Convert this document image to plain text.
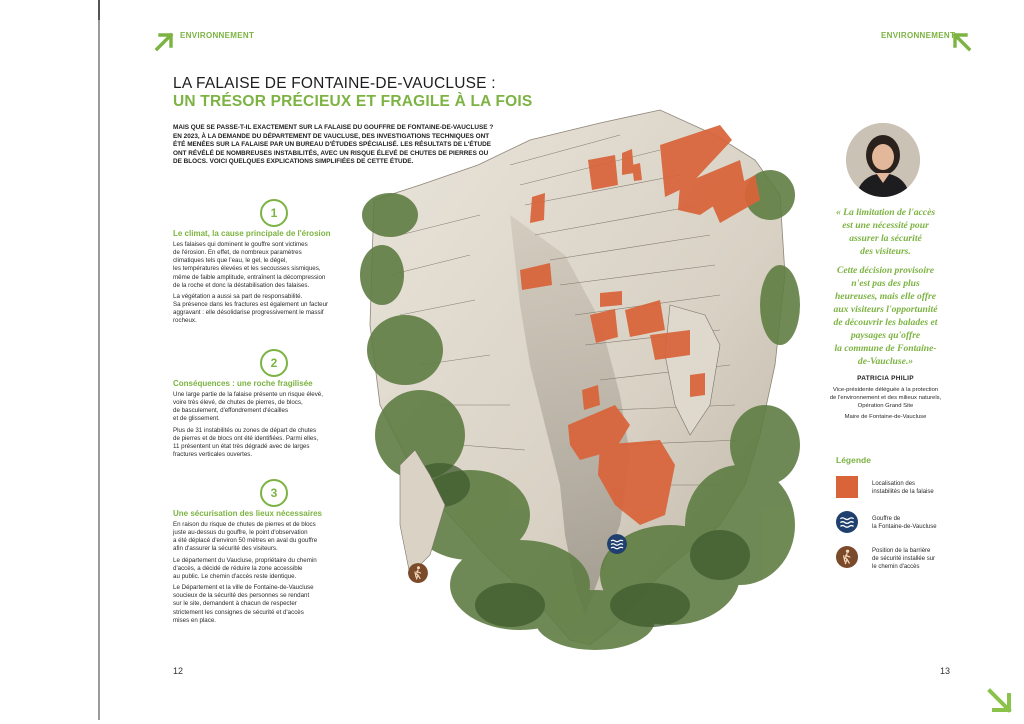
ENVIRONNEMENT	ENVIRONNEMENT
LA FALAISE DE FONTAINE-DE-VAUCLUSE :
UN TRÉSOR PRÉCIEUX ET FRAGILE À LA FOIS
MAIS QUE SE PASSE-T-IL EXACTEMENT SUR LA FALAISE DU GOUFFRE DE FONTAINE-DE-VAUCLUSE ?
EN 2023, À LA DEMANDE DU DÉPARTEMENT DE VAUCLUSE, DES INVESTIGATIONS TECHNIQUES ONT
ÉTÉ MENÉES SUR LA FALAISE PAR UN BUREAU D'ÉTUDES SPÉCIALISÉ. LES RÉSULTATS DE L'ÉTUDE
ONT RÉVÉLÉ DE NOMBREUSES INSTABILITÉS, AVEC UN RISQUE ÉLEVÉ DE CHUTES DE PIERRES OU
DE BLOCS. VOICI QUELQUES EXPLICATIONS SIMPLIFIÉES DE CETTE ÉTUDE.
1
Le climat, la cause principale de l'érosion
Les falaises qui dominent le gouffre sont victimes
de l'érosion. En effet, de nombreux paramètres
climatiques tels que l'eau, le gel, le dégel,
les températures élevées et les secousses sismiques,
même de faible amplitude, entraînent la décompression
de la roche et donc la déstabilisation des falaises.
La végétation a aussi sa part de responsabilité.
Sa présence dans les fractures est également un facteur
aggravant : elle désolidarise progressivement le massif
rocheux.
2
Conséquences : une roche fragilisée
Une large partie de la falaise présente un risque élevé,
voire très élevé, de chutes de pierres, de blocs,
de basculement, d'effondrement d'écailles
et de glissement.
Plus de 31 instabilités ou zones de départ de chutes
de pierres et de blocs ont été identifiées. Parmi elles,
11 présentent un état très dégradé avec de larges
fractures verticales ouvertes.
3
Une sécurisation des lieux nécessaires
En raison du risque de chutes de pierres et de blocs
juste au-dessus du gouffre, le point d'observation
a été déplacé d'environ 50 mètres en aval du gouffre
afin d'assurer la sécurité des visiteurs.
Le département du Vaucluse, propriétaire du chemin
d'accès, a décidé de réduire la zone accessible
au public. Le chemin d'accès reste identique.
Le Département et la ville de Fontaine-de-Vaucluse
soucieux de la sécurité des personnes se rendant
sur le site, demandent à chacun de respecter
strictement les consignes de sécurité et d'accès
mises en place.
« La limitation de l'accès
est une nécessité pour
assurer la sécurité
des visiteurs.
Cette décision provisoire
n'est pas des plus
heureuses, mais elle offre
aux visiteurs l'opportunité
de découvrir les balades et
paysages qu'offre
la commune de Fontaine-
de-Vaucluse.»
PATRICIA PHILIP
Vice-présidente déléguée à la protection
de l'environnement et des milieux naturels,
Opération Grand Site
Maire de Fontaine-de-Vaucluse
Légende
Localisation des
instabilités de la falaise
Gouffre de
la Fontaine-de-Vaucluse
Position de la barrière
de sécurité installée sur
le chemin d'accès
12	13
